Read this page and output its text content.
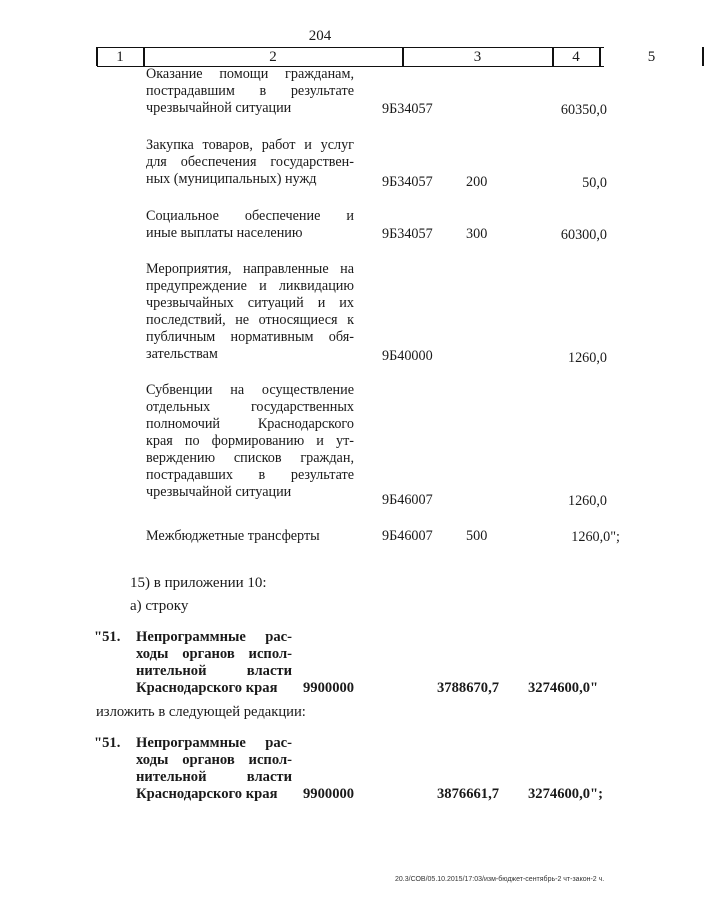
204
1	2	3	4	5
Оказание помощи гражданам,
пострадавшим в результате
чрезвычайной ситуации	9Б34057	60350,0
Закупка товаров, работ и услуг
для обеспечения государствен-
ных (муниципальных) нужд	9Б34057 200	50,0
Социальное обеспечение и
иные выплаты населению	9Б34057 300	60300,0
Мероприятия, направленные на
предупреждение и ликвидацию
чрезвычайных ситуаций и их
последствий, не относящиеся к
публичным нормативным обя-
зательствам	9Б40000	1260,0
Субвенции на осуществление
отдельных государственных
полномочий Краснодарского
края по формированию и ут-
верждению списков граждан,
пострадавших в результате
чрезвычайной ситуации	9Б46007	1260,0
Межбюджетные трансферты	9Б46007 500	1260,0";
15) в приложении 10:
а) строку
"51. Непрограммные рас-
ходы органов испол-
нительной власти
Краснодарского края	9900000	3788670,7 3274600,0"
изложить в следующей редакции:
"51. Непрограммные рас-
ходы органов испол-
нительной власти
Краснодарского края	9900000	3876661,7 3274600,0";
20.3/СОВ/05.10.2015/17:03/изм-бюджет-сентябрь-2 чт-закон-2 ч.
